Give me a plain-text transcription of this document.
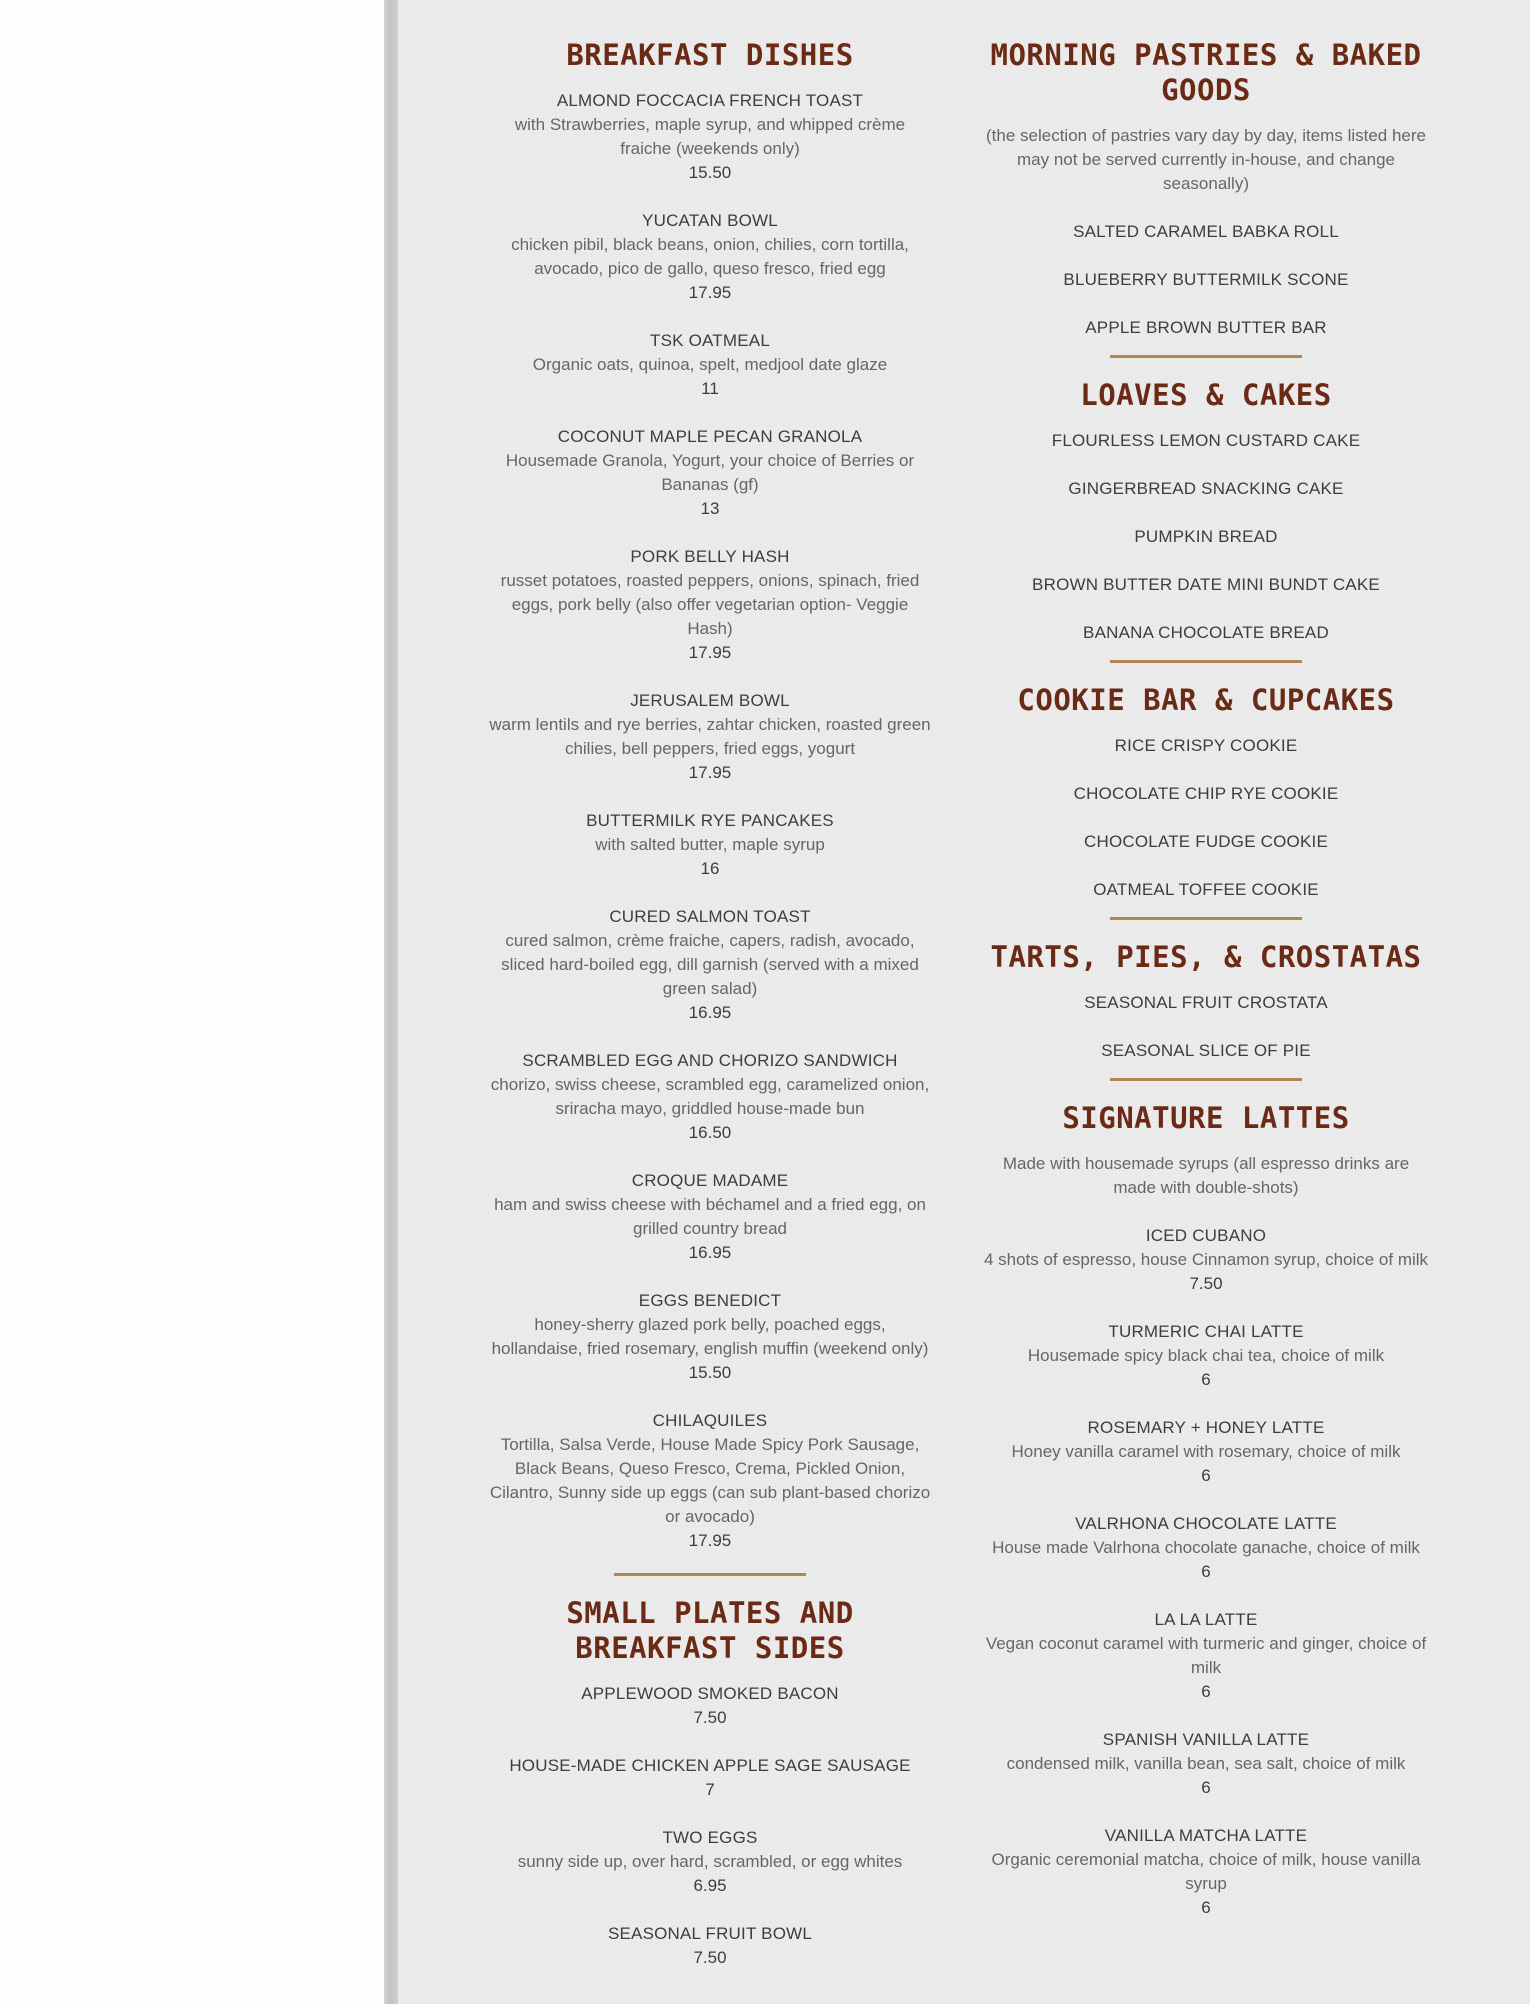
BREAKFAST DISHES
ALMOND FOCCACIA FRENCH TOAST
with Strawberries, maple syrup, and whipped crème fraiche (weekends only)
15.50
YUCATAN BOWL
chicken pibil, black beans, onion, chilies, corn tortilla, avocado, pico de gallo, queso fresco, fried egg
17.95
TSK OATMEAL
Organic oats, quinoa, spelt, medjool date glaze
11
COCONUT MAPLE PECAN GRANOLA
Housemade Granola, Yogurt, your choice of Berries or Bananas (gf)
13
PORK BELLY HASH
russet potatoes, roasted peppers, onions, spinach, fried eggs, pork belly (also offer vegetarian option- Veggie Hash)
17.95
JERUSALEM BOWL
warm lentils and rye berries, zahtar chicken, roasted green chilies, bell peppers, fried eggs, yogurt
17.95
BUTTERMILK RYE PANCAKES
with salted butter, maple syrup
16
CURED SALMON TOAST
cured salmon, crème fraiche, capers, radish, avocado, sliced hard-boiled egg, dill garnish (served with a mixed green salad)
16.95
SCRAMBLED EGG AND CHORIZO SANDWICH
chorizo, swiss cheese, scrambled egg, caramelized onion, sriracha mayo, griddled house-made bun
16.50
CROQUE MADAME
ham and swiss cheese with béchamel and a fried egg, on grilled country bread
16.95
EGGS BENEDICT
honey-sherry glazed pork belly, poached eggs, hollandaise, fried rosemary, english muffin (weekend only)
15.50
CHILAQUILES
Tortilla, Salsa Verde, House Made Spicy Pork Sausage, Black Beans, Queso Fresco, Crema, Pickled Onion, Cilantro, Sunny side up eggs (can sub plant-based chorizo or avocado)
17.95
SMALL PLATES AND BREAKFAST SIDES
APPLEWOOD SMOKED BACON
7.50
HOUSE-MADE CHICKEN APPLE SAGE SAUSAGE
7
TWO EGGS
sunny side up, over hard, scrambled, or egg whites
6.95
SEASONAL FRUIT BOWL
7.50
MORNING PASTRIES & BAKED GOODS
(the selection of pastries vary day by day, items listed here may not be served currently in-house, and change seasonally)
SALTED CARAMEL BABKA ROLL
BLUEBERRY BUTTERMILK SCONE
APPLE BROWN BUTTER BAR
LOAVES & CAKES
FLOURLESS LEMON CUSTARD CAKE
GINGERBREAD SNACKING CAKE
PUMPKIN BREAD
BROWN BUTTER DATE MINI BUNDT CAKE
BANANA CHOCOLATE BREAD
COOKIE BAR & CUPCAKES
RICE CRISPY COOKIE
CHOCOLATE CHIP RYE COOKIE
CHOCOLATE FUDGE COOKIE
OATMEAL TOFFEE COOKIE
TARTS, PIES, & CROSTATAS
SEASONAL FRUIT CROSTATA
SEASONAL SLICE OF PIE
SIGNATURE LATTES
Made with housemade syrups (all espresso drinks are made with double-shots)
ICED CUBANO
4 shots of espresso, house Cinnamon syrup, choice of milk
7.50
TURMERIC CHAI LATTE
Housemade spicy black chai tea, choice of milk
6
ROSEMARY + HONEY LATTE
Honey vanilla caramel with rosemary, choice of milk
6
VALRHONA CHOCOLATE LATTE
House made Valrhona chocolate ganache, choice of milk
6
LA LA LATTE
Vegan coconut caramel with turmeric and ginger, choice of milk
6
SPANISH VANILLA LATTE
condensed milk, vanilla bean, sea salt, choice of milk
6
VANILLA MATCHA LATTE
Organic ceremonial matcha, choice of milk, house vanilla syrup
6
